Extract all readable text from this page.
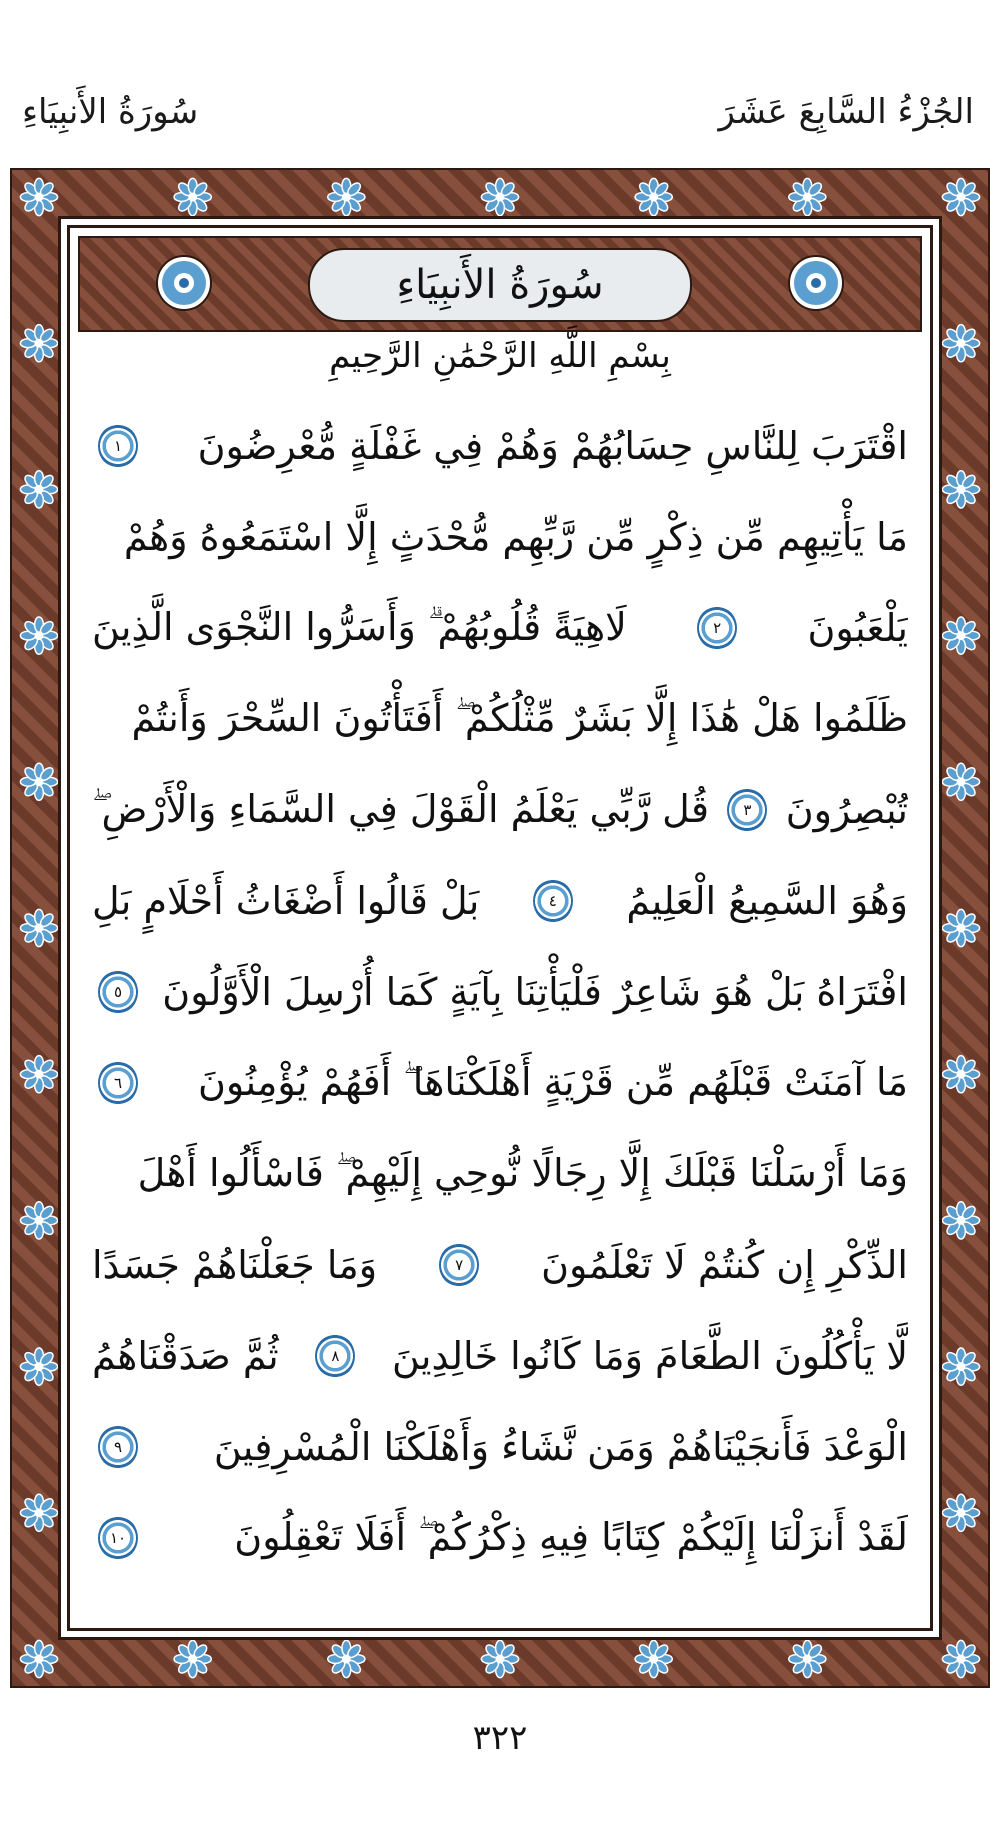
الجُزْءُ السَّابِعَ عَشَرَ
سُورَةُ الأَنبِيَاءِ
سُورَةُ الأَنبِيَاءِ
بِسْمِ اللَّهِ الرَّحْمَٰنِ الرَّحِيمِ
اقْتَرَبَ لِلنَّاسِ حِسَابُهُمْ وَهُمْ فِي غَفْلَةٍ مُّعْرِضُونَ
١
مَا يَأْتِيهِم مِّن ذِكْرٍ مِّن رَّبِّهِم مُّحْدَثٍ إِلَّا اسْتَمَعُوهُ وَهُمْ
يَلْعَبُونَ
٢
لَاهِيَةً قُلُوبُهُمْ ۗ وَأَسَرُّوا النَّجْوَى الَّذِينَ
ظَلَمُوا هَلْ هَٰذَا إِلَّا بَشَرٌ مِّثْلُكُمْ ۖ أَفَتَأْتُونَ السِّحْرَ وَأَنتُمْ
تُبْصِرُونَ
٣
قُل رَّبِّي يَعْلَمُ الْقَوْلَ فِي السَّمَاءِ وَالْأَرْضِ ۖ
وَهُوَ السَّمِيعُ الْعَلِيمُ
٤
بَلْ قَالُوا أَضْغَاثُ أَحْلَامٍ بَلِ
افْتَرَاهُ بَلْ هُوَ شَاعِرٌ فَلْيَأْتِنَا بِآيَةٍ كَمَا أُرْسِلَ الْأَوَّلُونَ
٥
مَا آمَنَتْ قَبْلَهُم مِّن قَرْيَةٍ أَهْلَكْنَاهَا ۖ أَفَهُمْ يُؤْمِنُونَ
٦
وَمَا أَرْسَلْنَا قَبْلَكَ إِلَّا رِجَالًا نُّوحِي إِلَيْهِمْ ۖ فَاسْأَلُوا أَهْلَ
الذِّكْرِ إِن كُنتُمْ لَا تَعْلَمُونَ
٧
وَمَا جَعَلْنَاهُمْ جَسَدًا
لَّا يَأْكُلُونَ الطَّعَامَ وَمَا كَانُوا خَالِدِينَ
٨
ثُمَّ صَدَقْنَاهُمُ
الْوَعْدَ فَأَنجَيْنَاهُمْ وَمَن نَّشَاءُ وَأَهْلَكْنَا الْمُسْرِفِينَ
٩
لَقَدْ أَنزَلْنَا إِلَيْكُمْ كِتَابًا فِيهِ ذِكْرُكُمْ ۖ أَفَلَا تَعْقِلُونَ
١٠
٣٢٢
